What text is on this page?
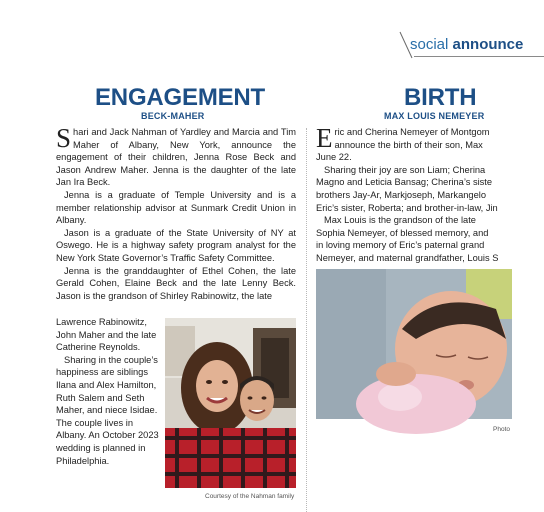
social announce
ENGAGEMENT
BECK-MAHER

Shari and Jack Nahman of Yardley and Marcia and Tim Maher of Albany, New York, announce the engagement of their children, Jenna Rose Beck and Jason Andrew Maher. Jenna is the daughter of the late Jan Ira Beck.

Jenna is a graduate of Temple University and is a member relationship advisor at Sunmark Credit Union in Albany.

Jason is a graduate of the State University of NY at Oswego. He is a highway safety program analyst for the New York State Governor’s Traffic Safety Committee.

Jenna is the granddaughter of Ethel Cohen, the late Gerald Cohen, Elaine Beck and the late Lenny Beck. Jason is the grandson of Shirley Rabinowitz, the late

Lawrence Rabinowitz, John Maher and the late Catherine Reynolds.

Sharing in the couple’s happiness are siblings Ilana and Alex Hamilton, Ruth Salem and Seth Maher, and niece Isidae. The couple lives in Albany. An October 2023 wedding is planned in Philadelphia.

Courtesy of the Nahman family
BIRTH
MAX LOUIS NEMEYER
Eric and Cherina Nemeyer of Montgom
announce the birth of their son, Max
June 22.
Sharing their joy are son Liam; Cherina
Magno and Leticia Bansag; Cherina’s siste
brothers Jay-Ar, Markjoseph, Markangelo
Eric’s sister, Roberta; and brother-in-law, Jin
Max Louis is the grandson of the late
Sophia Nemeyer, of blessed memory, and
in loving memory of Eric’s paternal grand
Nemeyer, and maternal grandfather, Louis S
Photo
